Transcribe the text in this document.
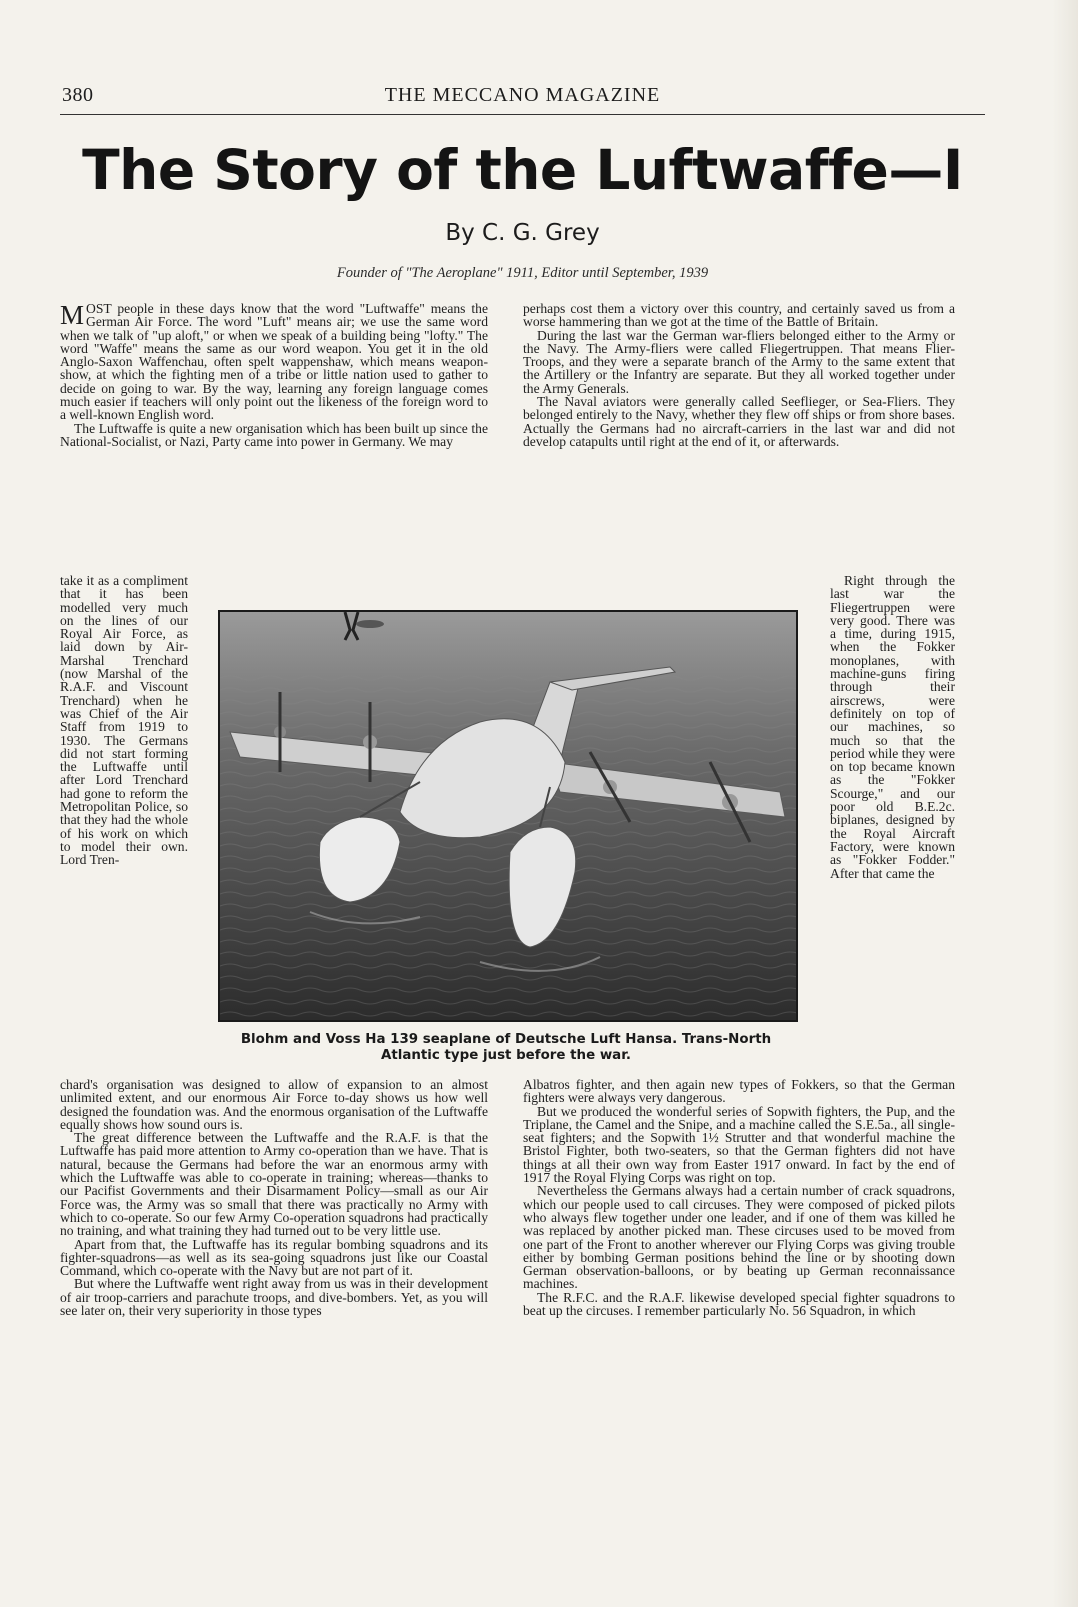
380	THE MECCANO MAGAZINE
The Story of the Luftwaffe—I
By C. G. Grey
Founder of "The Aeroplane" 1911, Editor until September, 1939

MOST people in these days know that the word "Luftwaffe" means the German Air Force. The word "Luft" means air; we use the same word when we talk of "up aloft," or when we speak of a building being "lofty." The word "Waffe" means the same as our word weapon. You get it in the old Anglo-Saxon Waffenchau, often spelt wappenshaw, which means weapon-show, at which the fighting men of a tribe or little nation used to gather to decide on going to war. By the way, learning any foreign language comes much easier if teachers will only point out the likeness of the foreign word to a well-known English word.

The Luftwaffe is quite a new organisation which has been built up since the National-Socialist, or Nazi, Party came into power in Germany. We may

take it as a compliment that it has been modelled very much on the lines of our Royal Air Force, as laid down by Air-Marshal Trenchard (now Marshal of the R.A.F. and Viscount Trenchard) when he was Chief of the Air Staff from 1919 to 1930. The Germans did not start forming the Luftwaffe until after Lord Trenchard had gone to reform the Metropolitan Police, so that they had the whole of his work on which to model their own. Lord Tren-

perhaps cost them a victory over this country, and certainly saved us from a worse hammering than we got at the time of the Battle of Britain.

During the last war the German war-fliers belonged either to the Army or the Navy. The Army-fliers were called Fliegertruppen. That means Flier-Troops, and they were a separate branch of the Army to the same extent that the Artillery or the Infantry are separate. But they all worked together under the Army Generals.

The Naval aviators were generally called Seeflieger, or Sea-Fliers. They belonged entirely to the Navy, whether they flew off ships or from shore bases. Actually the Germans had no aircraft-carriers in the last war and did not develop catapults until right at the end of it, or afterwards.

Right through the last war the Fliegertruppen were very good. There was a time, during 1915, when the Fokker monoplanes, with machine-guns firing through their airscrews, were definitely on top of our machines, so much so that the period while they were on top became known as the "Fokker Scourge," and our poor old B.E.2c. biplanes, designed by the Royal Aircraft Factory, were known as "Fokker Fodder." After that came the

Blohm and Voss Ha 139 seaplane of Deutsche Luft Hansa. Trans-North Atlantic type just before the war.

chard's organisation was designed to allow of expansion to an almost unlimited extent, and our enormous Air Force to-day shows us how well designed the foundation was. And the enormous organisation of the Luftwaffe equally shows how sound ours is.

The great difference between the Luftwaffe and the R.A.F. is that the Luftwaffe has paid more attention to Army co-operation than we have. That is natural, because the Germans had before the war an enormous army with which the Luftwaffe was able to co-operate in training; whereas—thanks to our Pacifist Governments and their Disarmament Policy—small as our Air Force was, the Army was so small that there was practically no Army with which to co-operate. So our few Army Co-operation squadrons had practically no training, and what training they had turned out to be very little use.

Apart from that, the Luftwaffe has its regular bombing squadrons and its fighter-squadrons—as well as its sea-going squadrons just like our Coastal Command, which co-operate with the Navy but are not part of it.

But where the Luftwaffe went right away from us was in their development of air troop-carriers and parachute troops, and dive-bombers. Yet, as you will see later on, their very superiority in those types

Albatros fighter, and then again new types of Fokkers, so that the German fighters were always very dangerous.

But we produced the wonderful series of Sopwith fighters, the Pup, and the Triplane, the Camel and the Snipe, and a machine called the S.E.5a., all single-seat fighters; and the Sopwith 1½ Strutter and that wonderful machine the Bristol Fighter, both two-seaters, so that the German fighters did not have things at all their own way from Easter 1917 onward. In fact by the end of 1917 the Royal Flying Corps was right on top.

Nevertheless the Germans always had a certain number of crack squadrons, which our people used to call circuses. They were composed of picked pilots who always flew together under one leader, and if one of them was killed he was replaced by another picked man. These circuses used to be moved from one part of the Front to another wherever our Flying Corps was giving trouble either by bombing German positions behind the line or by shooting down German observation-balloons, or by beating up German reconnaissance machines.

The R.F.C. and the R.A.F. likewise developed special fighter squadrons to beat up the circuses. I remember particularly No. 56 Squadron, in which
